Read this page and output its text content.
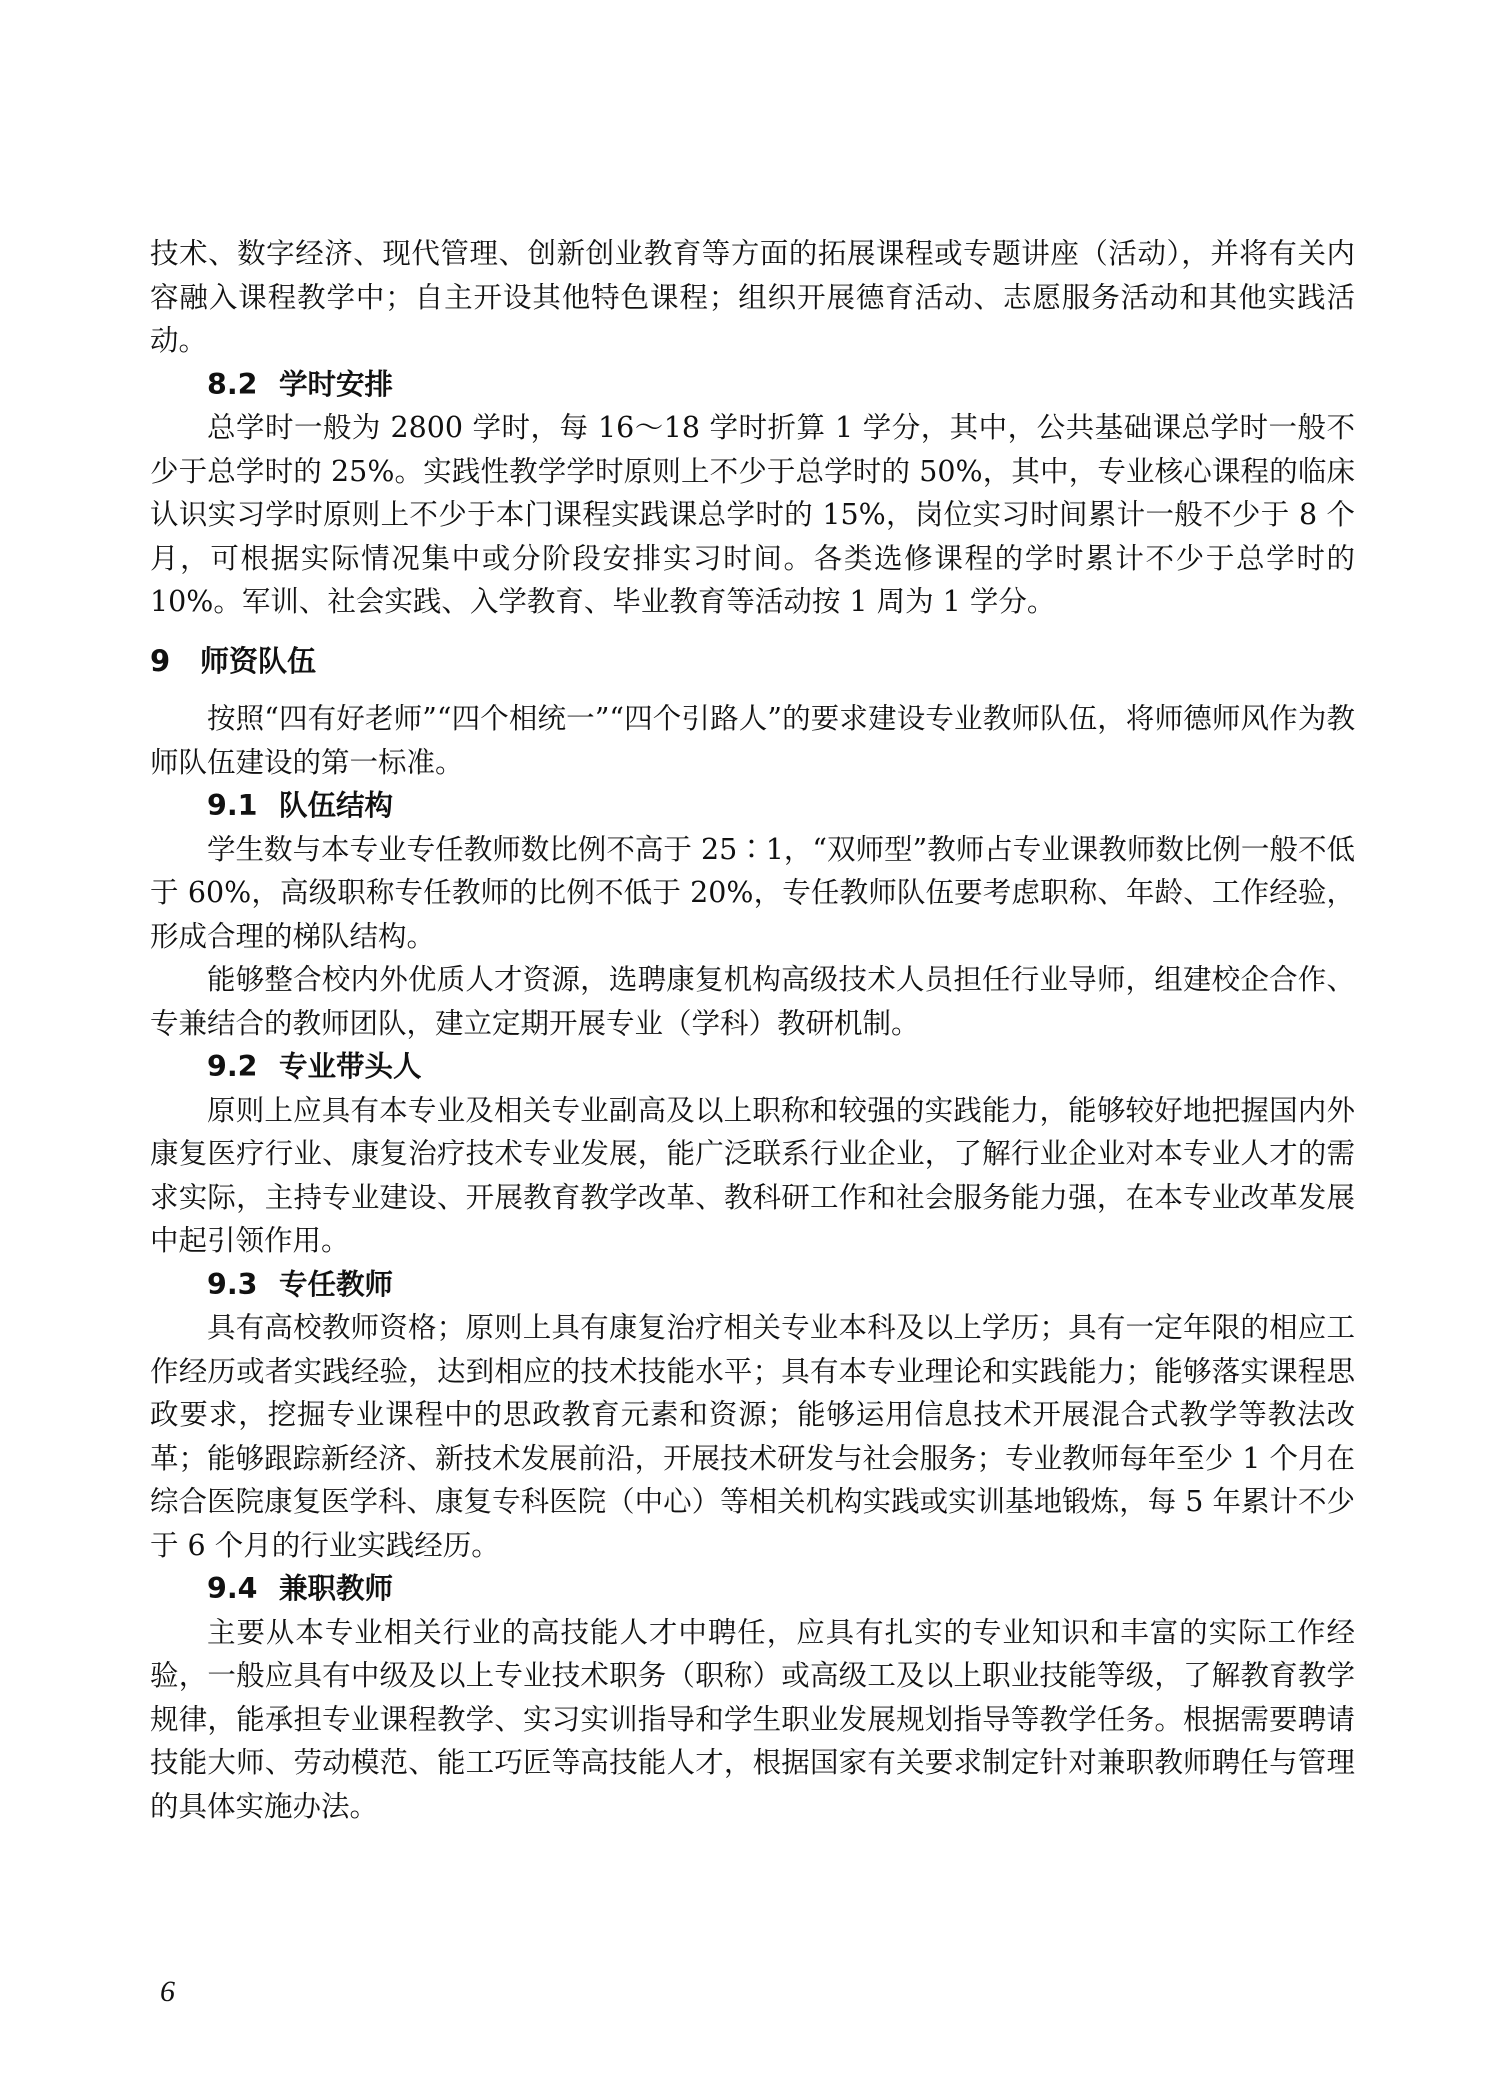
技术、数字经济、现代管理、创新创业教育等方面的拓展课程或专题讲座（活动），并将有关内容融入课程教学中；自主开设其他特色课程；组织开展德育活动、志愿服务活动和其他实践活动。

8.2 学时安排

总学时一般为 2800 学时，每 16～18 学时折算 1 学分，其中，公共基础课总学时一般不少于总学时的 25%。实践性教学学时原则上不少于总学时的 50%，其中，专业核心课程的临床认识实习学时原则上不少于本门课程实践课总学时的 15%，岗位实习时间累计一般不少于 8 个月，可根据实际情况集中或分阶段安排实习时间。各类选修课程的学时累计不少于总学时的 10%。军训、社会实践、入学教育、毕业教育等活动按 1 周为 1 学分。

9 师资队伍

按照“四有好老师”“四个相统一”“四个引路人”的要求建设专业教师队伍，将师德师风作为教师队伍建设的第一标准。

9.1 队伍结构

学生数与本专业专任教师数比例不高于 25∶1，“双师型”教师占专业课教师数比例一般不低于 60%，高级职称专任教师的比例不低于 20%，专任教师队伍要考虑职称、年龄、工作经验，形成合理的梯队结构。

能够整合校内外优质人才资源，选聘康复机构高级技术人员担任行业导师，组建校企合作、专兼结合的教师团队，建立定期开展专业（学科）教研机制。

9.2 专业带头人

原则上应具有本专业及相关专业副高及以上职称和较强的实践能力，能够较好地把握国内外康复医疗行业、康复治疗技术专业发展，能广泛联系行业企业，了解行业企业对本专业人才的需求实际，主持专业建设、开展教育教学改革、教科研工作和社会服务能力强，在本专业改革发展中起引领作用。

9.3 专任教师

具有高校教师资格；原则上具有康复治疗相关专业本科及以上学历；具有一定年限的相应工作经历或者实践经验，达到相应的技术技能水平；具有本专业理论和实践能力；能够落实课程思政要求，挖掘专业课程中的思政教育元素和资源；能够运用信息技术开展混合式教学等教法改革；能够跟踪新经济、新技术发展前沿，开展技术研发与社会服务；专业教师每年至少 1 个月在综合医院康复医学科、康复专科医院（中心）等相关机构实践或实训基地锻炼，每 5 年累计不少于 6 个月的行业实践经历。

9.4 兼职教师

主要从本专业相关行业的高技能人才中聘任，应具有扎实的专业知识和丰富的实际工作经验，一般应具有中级及以上专业技术职务（职称）或高级工及以上职业技能等级，了解教育教学规律，能承担专业课程教学、实习实训指导和学生职业发展规划指导等教学任务。根据需要聘请技能大师、劳动模范、能工巧匠等高技能人才，根据国家有关要求制定针对兼职教师聘任与管理的具体实施办法。

6
